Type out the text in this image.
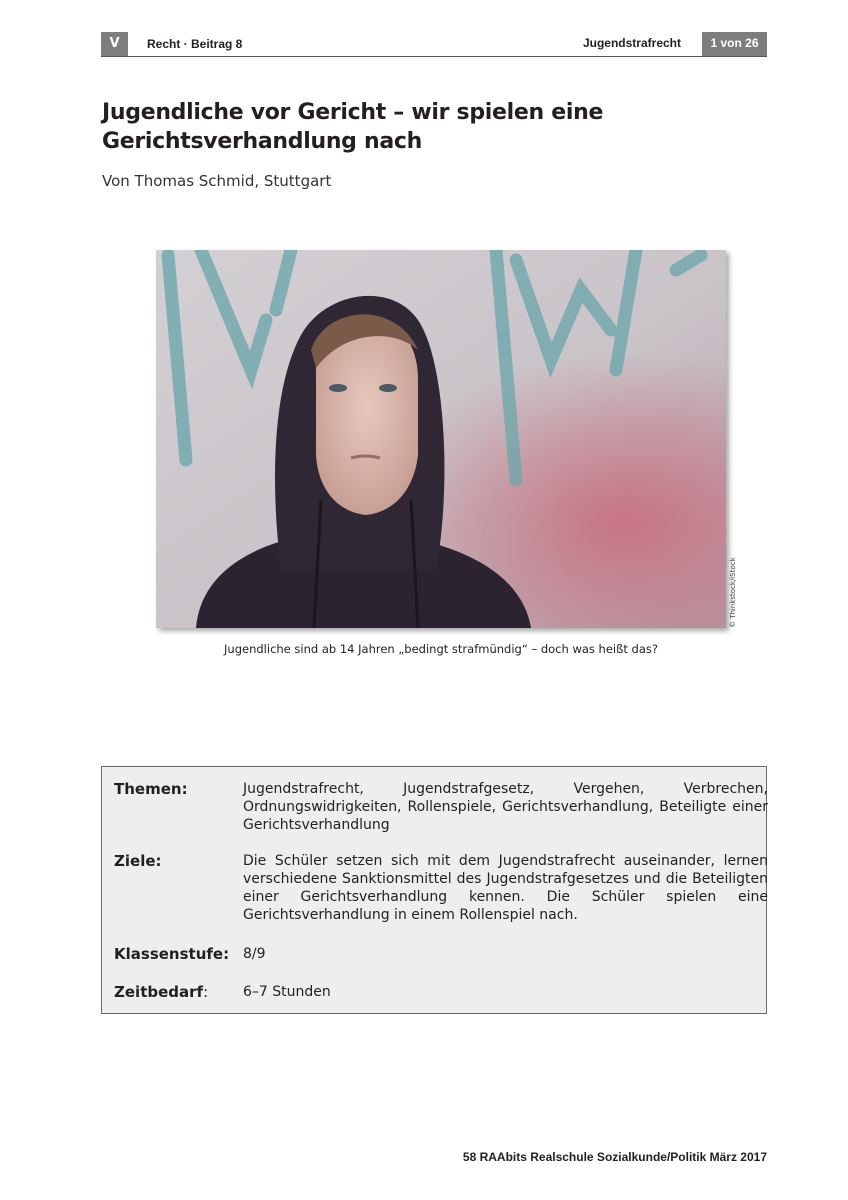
V	Recht · Beitrag 8	Jugendstrafrecht	1 von 26
Jugendliche vor Gericht – wir spielen eine Gerichtsverhandlung nach
Von Thomas Schmid, Stuttgart
© Thinkstock/iStock
Jugendliche sind ab 14 Jahren „bedingt strafmündig“ – doch was heißt das?
Themen:	Jugendstrafrecht, Jugendstrafgesetz, Vergehen, Verbrechen, Ordnungswidrigkeiten, Rollenspiele, Gerichtsverhandlung, Beteiligte einer Gerichtsverhandlung
Ziele:	Die Schüler setzen sich mit dem Jugendstrafrecht auseinander, lernen verschiedene Sanktionsmittel des Jugendstrafgesetzes und die Beteiligten einer Gerichtsverhandlung kennen. Die Schüler spielen eine Gerichtsverhandlung in einem Rollenspiel nach.
Klassenstufe: 8/9
Zeitbedarf: 6–7 Stunden
58 RAAbits Realschule Sozialkunde/Politik März 2017
